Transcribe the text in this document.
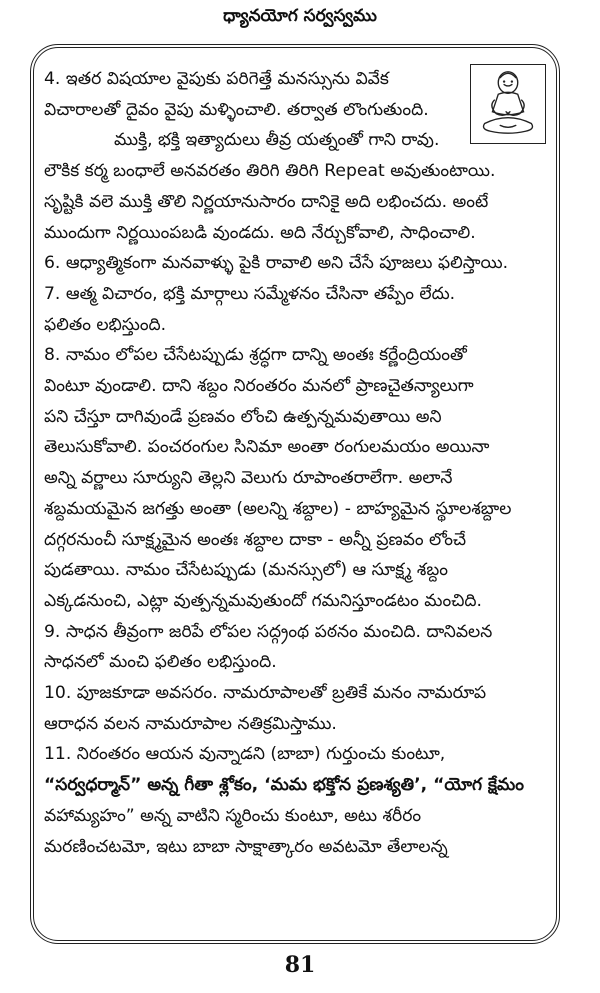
ధ్యానయోగ సర్వస్వము

4. ఇతర విషయాల వైపుకు పరిగెత్తే మనస్సును వివేక
విచారాలతో దైవం వైపు మళ్ళించాలి. తర్వాత లొంగుతుంది.
ముక్తి, భక్తి ఇత్యాదులు తీవ్ర యత్నంతో గాని రావు.
లౌకిక కర్మ బంధాలే అనవరతం తిరిగి తిరిగి Repeat అవుతుంటాయి.
సృష్టికి వలె ముక్తి తొలి నిర్ణయానుసారం దానికై అది లభించదు. అంటే
ముందుగా నిర్ణయింపబడి వుండదు. అది నేర్చుకోవాలి, సాధించాలి.

6. ఆధ్యాత్మికంగా మనవాళ్ళు పైకి రావాలి అని చేసే పూజలు ఫలిస్తాయి.

7. ఆత్మ విచారం, భక్తి మార్గాలు సమ్మేళనం చేసినా తప్పేం లేదు.
ఫలితం లభిస్తుంది.

8. నామం లోపల చేసేటప్పుడు శ్రద్ధగా దాన్ని అంతః కర్ణేంద్రియంతో
వింటూ వుండాలి. దాని శబ్దం నిరంతరం మనలో ప్రాణచైతన్యాలుగా
పని చేస్తూ దాగివుండే ప్రణవం లోంచి ఉత్పన్నమవుతాయి అని
తెలుసుకోవాలి. పంచరంగుల సినిమా అంతా రంగులమయం అయినా
అన్ని వర్ణాలు సూర్యుని తెల్లని వెలుగు రూపాంతరాలేగా. అలానే
శబ్దమయమైన జగత్తు అంతా (అలన్ని శబ్దాల) - బాహ్యమైన స్థూలశబ్దాల
దగ్గరనుంచీ సూక్ష్మమైన అంతః శబ్దాల దాకా - అన్నీ ప్రణవం లోంచే
పుడతాయి. నామం చేసేటప్పుడు (మనస్సులో) ఆ సూక్ష్మ శబ్దం
ఎక్కడనుంచి, ఎట్లా వుత్పన్నమవుతుందో గమనిస్తూండటం మంచిది.

9. సాధన తీవ్రంగా జరిపే లోపల సద్గ్రంథ పఠనం మంచిది. దానివలన
సాధనలో మంచి ఫలితం లభిస్తుంది.

10. పూజకూడా అవసరం. నామరూపాలతో బ్రతికే మనం నామరూప
ఆరాధన వలన నామరూపాల నతిక్రమిస్తాము.

11. నిరంతరం ఆయన వున్నాడని (బాబా) గుర్తుంచు కుంటూ,
“సర్వధర్మాన్” అన్న గీతా శ్లోకం, ‘మమ భక్తోన ప్రణశ్యతి’, “యోగ క్షేమం
వహామ్యహం” అన్న వాటిని స్మరించు కుంటూ, అటు శరీరం
మరణించటమో, ఇటు బాబా సాక్షాత్కారం అవటమో తేలాలన్న

81
